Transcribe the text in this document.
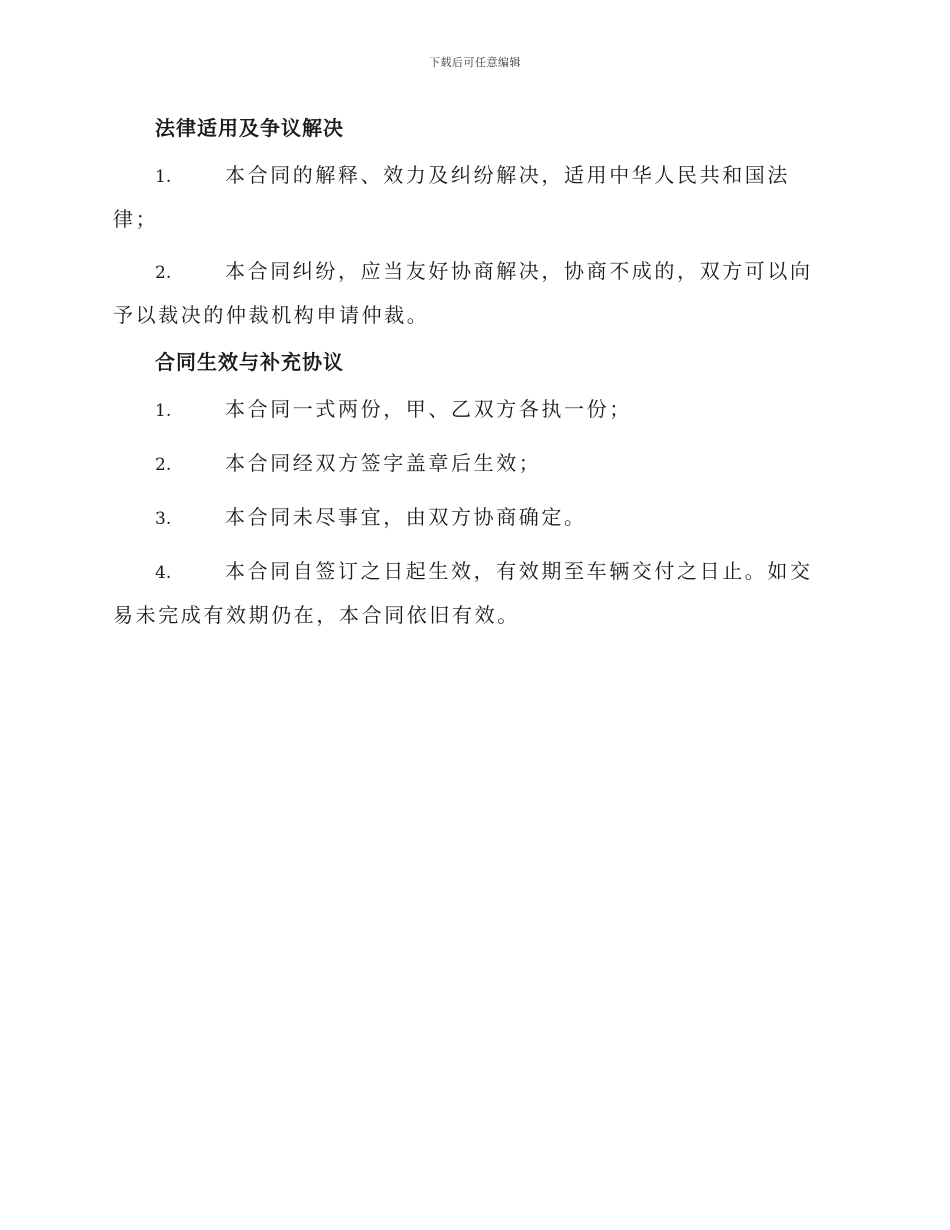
下载后可任意编辑
法律适用及争议解决
1.	本合同的解释、效力及纠纷解决，适用中华人民共和国法律；
2.	本合同纠纷，应当友好协商解决，协商不成的，双方可以向予以裁决的仲裁机构申请仲裁。
合同生效与补充协议
1.	本合同一式两份，甲、乙双方各执一份；
2.	本合同经双方签字盖章后生效；
3.	本合同未尽事宜，由双方协商确定。
4.	本合同自签订之日起生效，有效期至车辆交付之日止。如交易未完成有效期仍在，本合同依旧有效。
